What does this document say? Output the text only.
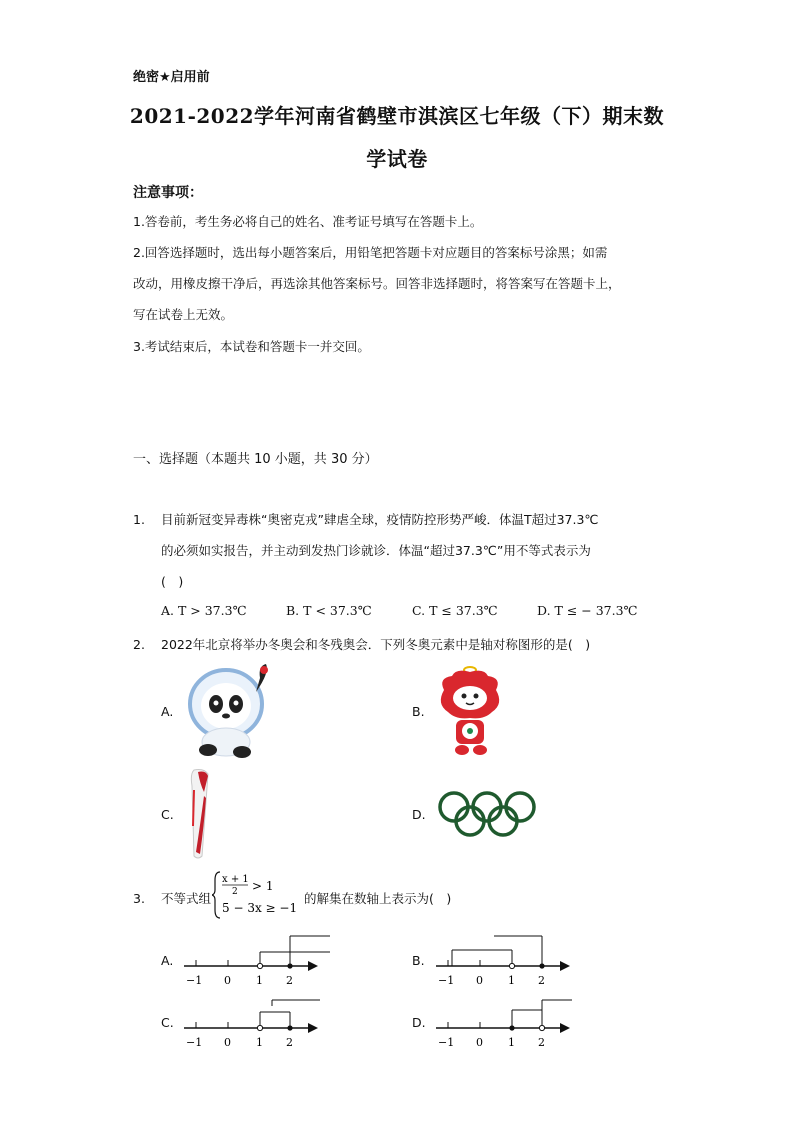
绝密★启用前
2021-2022学年河南省鹤壁市淇滨区七年级（下）期末数
学试卷
注意事项：
1.答卷前，考生务必将自己的姓名、准考证号填写在答题卡上。
2.回答选择题时，选出每小题答案后，用铅笔把答题卡对应题目的答案标号涂黑；如需
改动，用橡皮擦干净后，再选涂其他答案标号。回答非选择题时，将答案写在答题卡上，
写在试卷上无效。
3.考试结束后，本试卷和答题卡一并交回。
一、选择题（本题共 10 小题，共 30 分）
1. 目前新冠变异毒株“奥密克戎”肆虐全球，疫情防控形势严峻．体温T超过37.3℃
的必须如实报告，并主动到发热门诊就诊．体温“超过37.3℃”用不等式表示为
(　)
A. T > 37.3℃	B. T < 37.3℃	C. T ≤ 37.3℃	D. T ≤ − 37.3℃
2. 2022年北京将举办冬奥会和冬残奥会．下列冬奥元素中是轴对称图形的是(　)
A.	B.
C.	D.
3. 不等式组
x + 1
2 > 1
5 − 3x ≥ −1
的解集在数轴上表示为(　)
A.	B.
C.	D.
−1 0 1 2	−1 0 1 2
−1 0 1 2	−1 0 1 2
